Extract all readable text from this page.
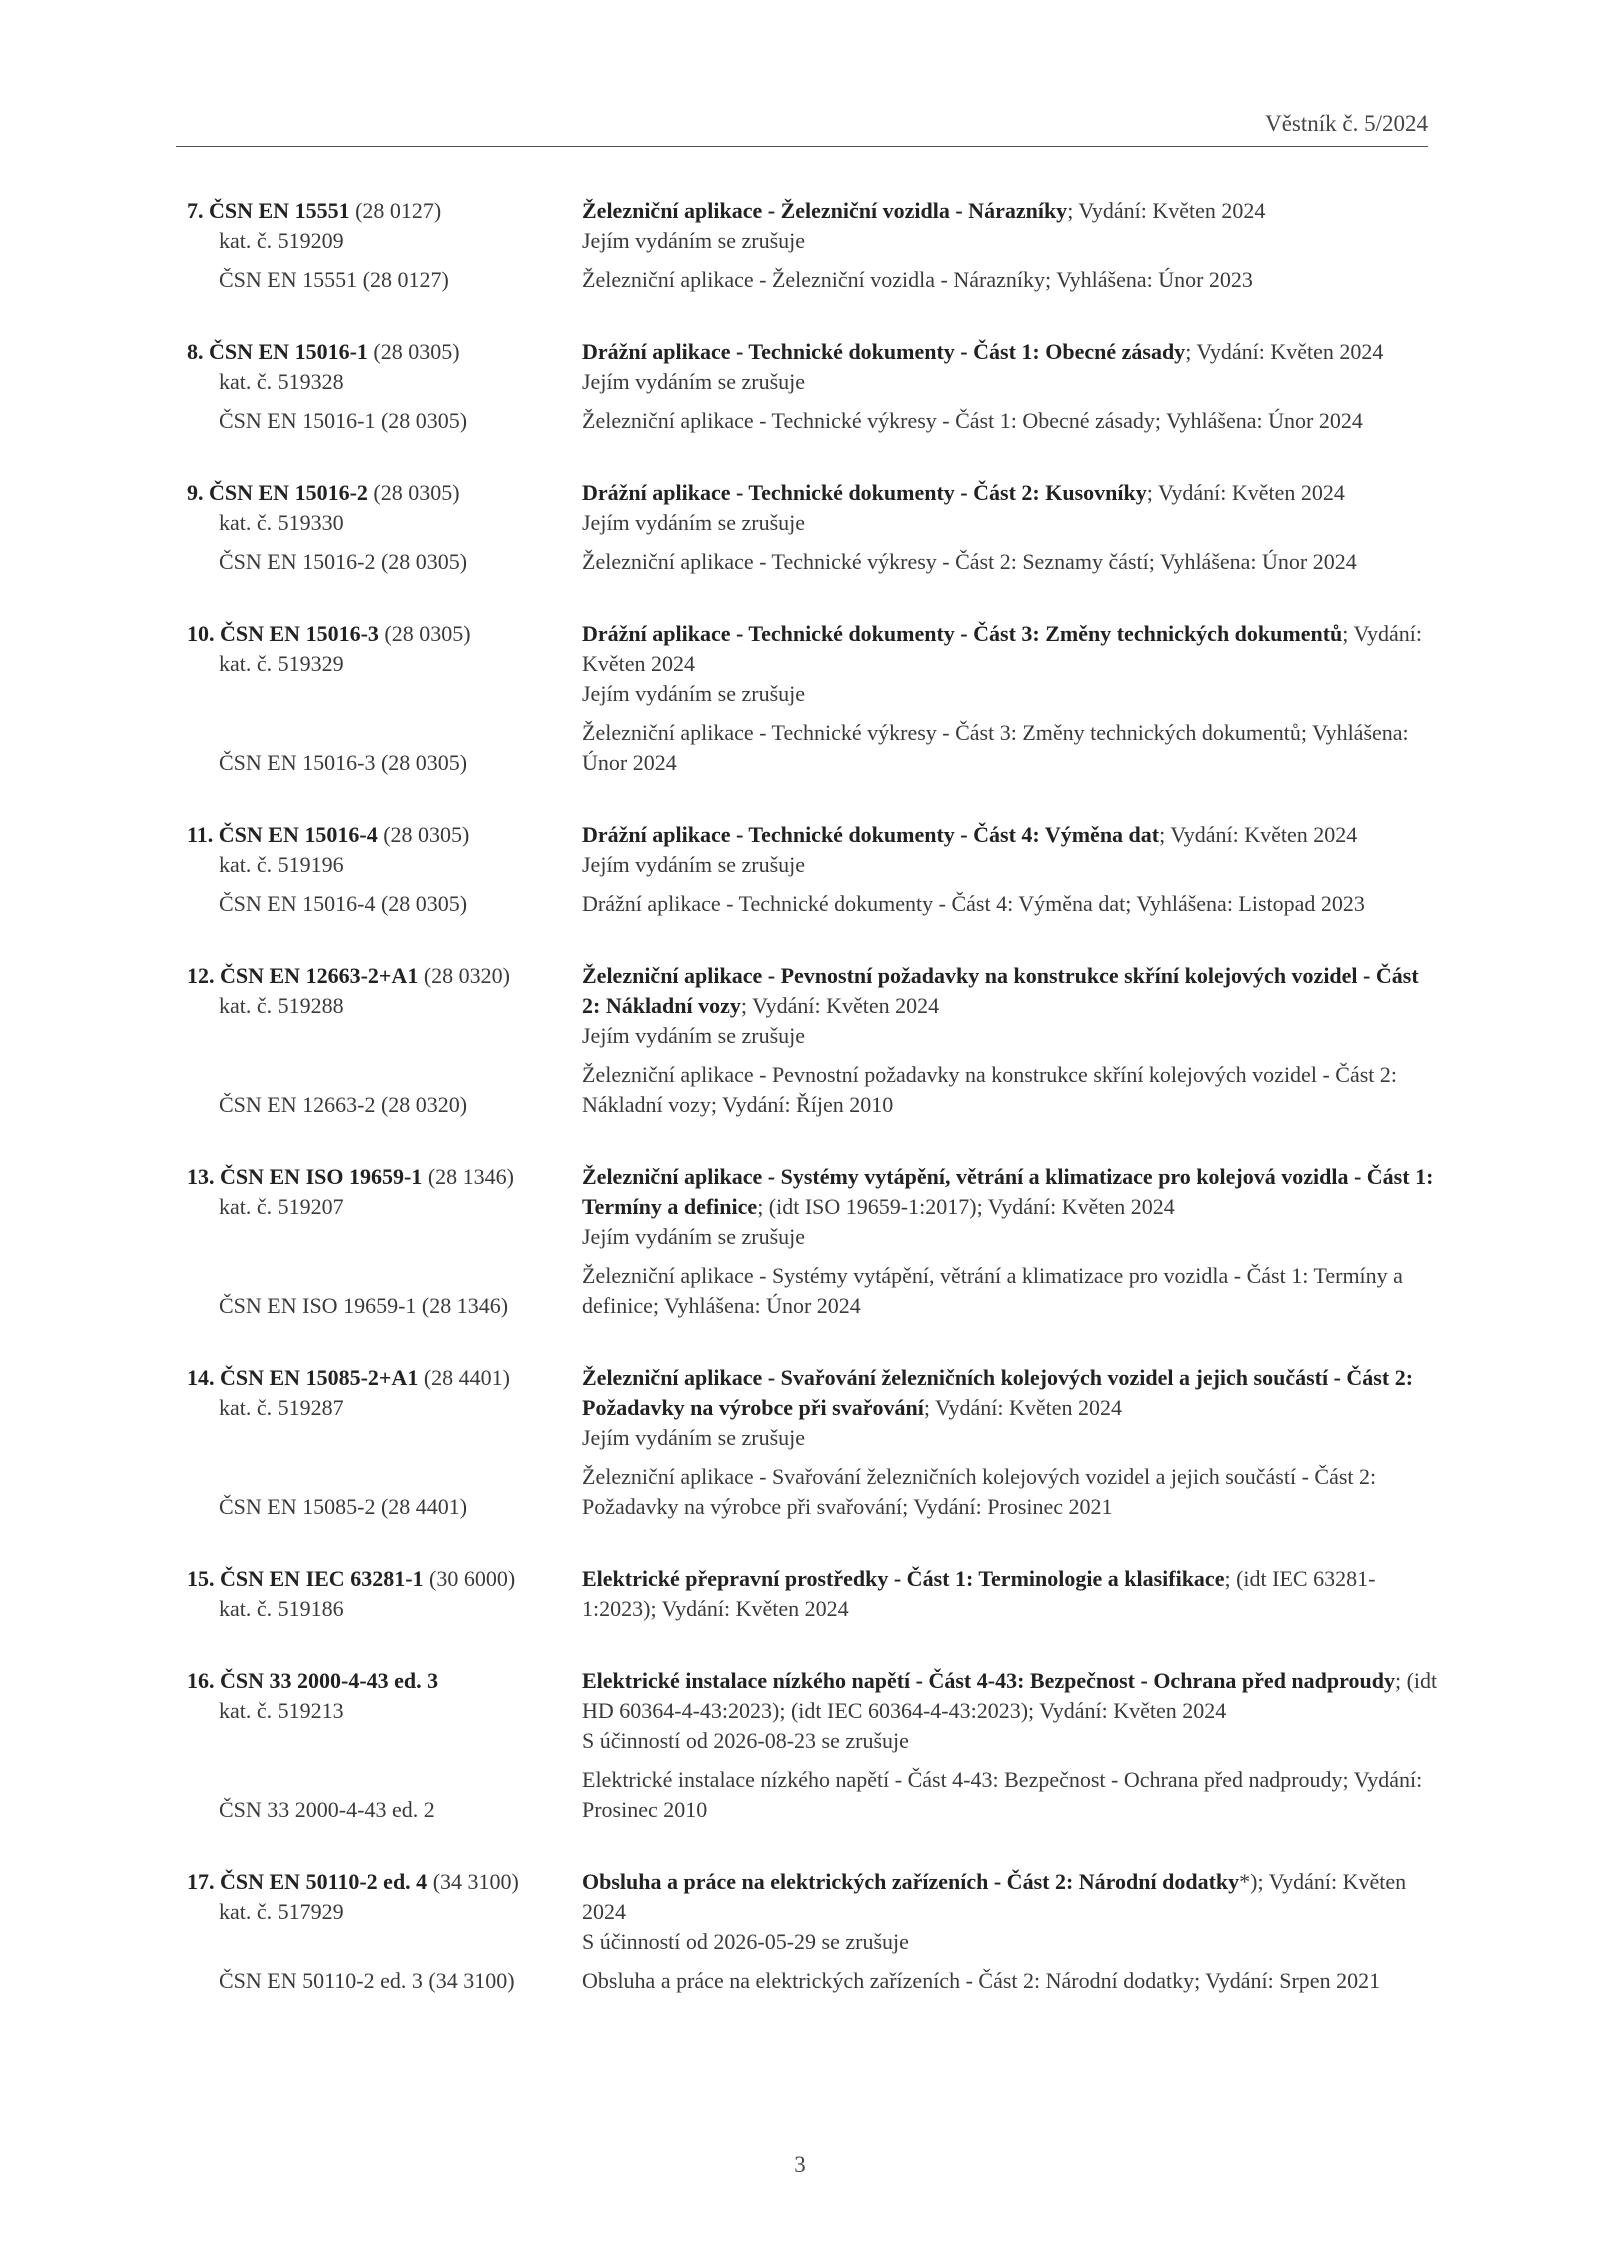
Věstník č. 5/2024
7. ČSN EN 15551 (28 0127)
kat. č. 519209
ČSN EN 15551 (28 0127)
Železniční aplikace - Železniční vozidla - Nárazníky; Vydání: Květen 2024
Jejím vydáním se zrušuje
Železniční aplikace - Železniční vozidla - Nárazníky; Vyhlášena: Únor 2023
8. ČSN EN 15016-1 (28 0305)
kat. č. 519328
ČSN EN 15016-1 (28 0305)
Drážní aplikace - Technické dokumenty - Část 1: Obecné zásady; Vydání: Květen 2024
Jejím vydáním se zrušuje
Železniční aplikace - Technické výkresy - Část 1: Obecné zásady; Vyhlášena: Únor 2024
9. ČSN EN 15016-2 (28 0305)
kat. č. 519330
ČSN EN 15016-2 (28 0305)
Drážní aplikace - Technické dokumenty - Část 2: Kusovníky; Vydání: Květen 2024
Jejím vydáním se zrušuje
Železniční aplikace - Technické výkresy - Část 2: Seznamy částí; Vyhlášena: Únor 2024
10. ČSN EN 15016-3 (28 0305)
kat. č. 519329
ČSN EN 15016-3 (28 0305)
Drážní aplikace - Technické dokumenty - Část 3: Změny technických dokumentů; Vydání: Květen 2024
Jejím vydáním se zrušuje
Železniční aplikace - Technické výkresy - Část 3: Změny technických dokumentů; Vyhlášena: Únor 2024
11. ČSN EN 15016-4 (28 0305)
kat. č. 519196
ČSN EN 15016-4 (28 0305)
Drážní aplikace - Technické dokumenty - Část 4: Výměna dat; Vydání: Květen 2024
Jejím vydáním se zrušuje
Drážní aplikace - Technické dokumenty - Část 4: Výměna dat; Vyhlášena: Listopad 2023
12. ČSN EN 12663-2+A1 (28 0320)
kat. č. 519288
ČSN EN 12663-2 (28 0320)
Železniční aplikace - Pevnostní požadavky na konstrukce skříní kolejových vozidel - Část 2: Nákladní vozy; Vydání: Květen 2024
Jejím vydáním se zrušuje
Železniční aplikace - Pevnostní požadavky na konstrukce skříní kolejových vozidel - Část 2: Nákladní vozy; Vydání: Říjen 2010
13. ČSN EN ISO 19659-1 (28 1346)
kat. č. 519207
ČSN EN ISO 19659-1 (28 1346)
Železniční aplikace - Systémy vytápění, větrání a klimatizace pro kolejová vozidla - Část 1: Termíny a definice; (idt ISO 19659-1:2017); Vydání: Květen 2024
Jejím vydáním se zrušuje
Železniční aplikace - Systémy vytápění, větrání a klimatizace pro vozidla - Část 1: Termíny a definice; Vyhlášena: Únor 2024
14. ČSN EN 15085-2+A1 (28 4401)
kat. č. 519287
ČSN EN 15085-2 (28 4401)
Železniční aplikace - Svařování železničních kolejových vozidel a jejich součástí - Část 2: Požadavky na výrobce při svařování; Vydání: Květen 2024
Jejím vydáním se zrušuje
Železniční aplikace - Svařování železničních kolejových vozidel a jejich součástí - Část 2: Požadavky na výrobce při svařování; Vydání: Prosinec 2021
15. ČSN EN IEC 63281-1 (30 6000)
kat. č. 519186
Elektrické přepravní prostředky - Část 1: Terminologie a klasifikace; (idt IEC 63281-1:2023); Vydání: Květen 2024
16. ČSN 33 2000-4-43 ed. 3
kat. č. 519213
ČSN 33 2000-4-43 ed. 2
Elektrické instalace nízkého napětí - Část 4-43: Bezpečnost - Ochrana před nadproudy; (idt HD 60364-4-43:2023); (idt IEC 60364-4-43:2023); Vydání: Květen 2024
S účinností od 2026-08-23 se zrušuje
Elektrické instalace nízkého napětí - Část 4-43: Bezpečnost - Ochrana před nadproudy; Vydání: Prosinec 2010
17. ČSN EN 50110-2 ed. 4 (34 3100)
kat. č. 517929
ČSN EN 50110-2 ed. 3 (34 3100)
Obsluha a práce na elektrických zařízeních - Část 2: Národní dodatky*); Vydání: Květen 2024
S účinností od 2026-05-29 se zrušuje
Obsluha a práce na elektrických zařízeních - Část 2: Národní dodatky; Vydání: Srpen 2021
3
